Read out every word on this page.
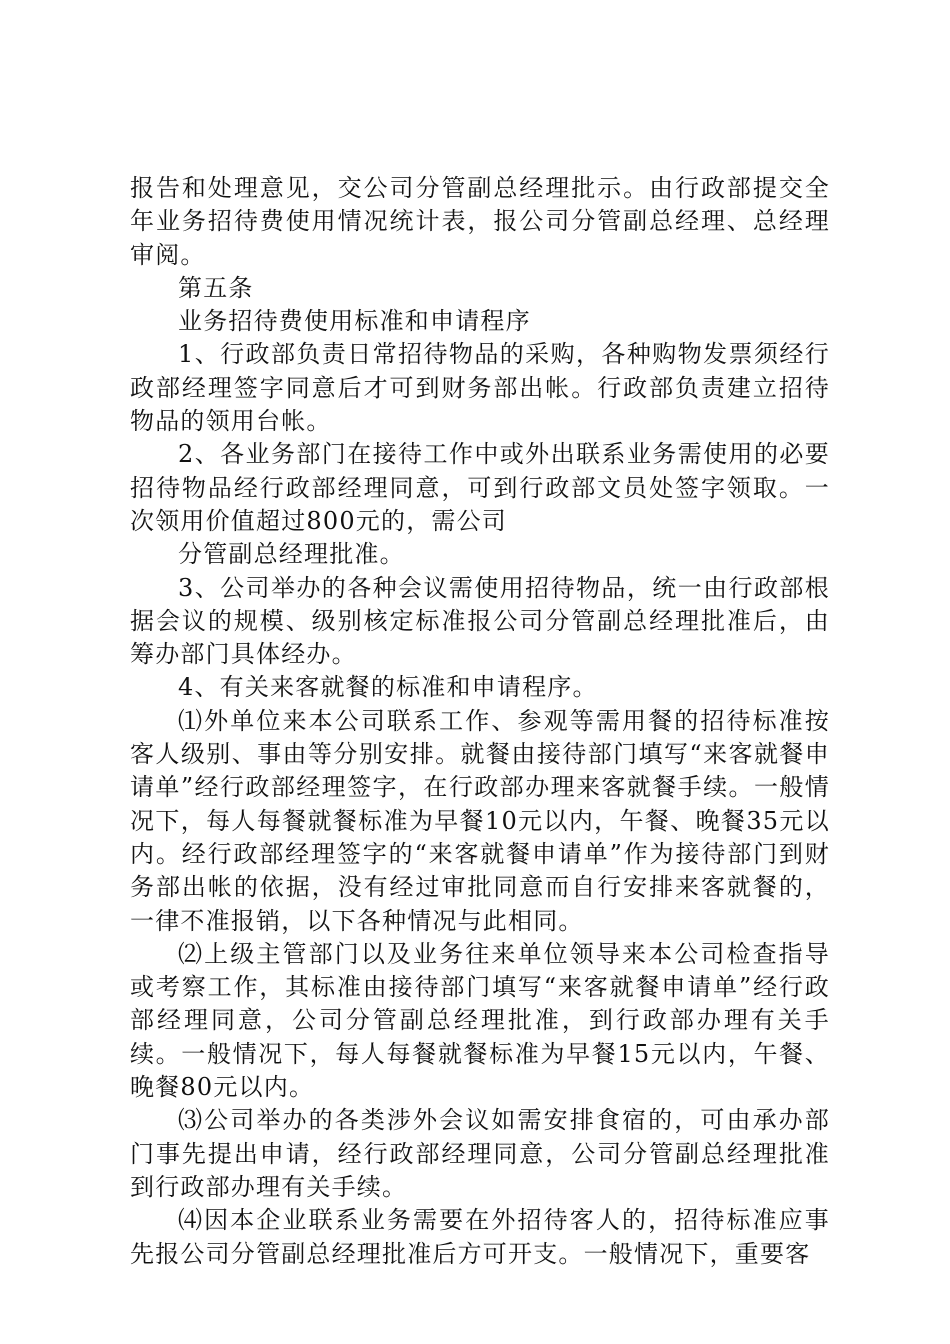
报告和处理意见，交公司分管副总经理批示。由行政部提交全年业务招待费使用情况统计表，报公司分管副总经理、总经理审阅。

第五条

业务招待费使用标准和申请程序

1、行政部负责日常招待物品的采购，各种购物发票须经行政部经理签字同意后才可到财务部出帐。行政部负责建立招待物品的领用台帐。

2、各业务部门在接待工作中或外出联系业务需使用的必要招待物品经行政部经理同意，可到行政部文员处签字领取。一次领用价值超过800元的，需公司

分管副总经理批准。

3、公司举办的各种会议需使用招待物品，统一由行政部根据会议的规模、级别核定标准报公司分管副总经理批准后，由筹办部门具体经办。

4、有关来客就餐的标准和申请程序。

⑴外单位来本公司联系工作、参观等需用餐的招待标准按客人级别、事由等分别安排。就餐由接待部门填写“来客就餐申请单”经行政部经理签字，在行政部办理来客就餐手续。一般情况下，每人每餐就餐标准为早餐10元以内，午餐、晚餐35元以内。经行政部经理签字的“来客就餐申请单”作为接待部门到财务部出帐的依据，没有经过审批同意而自行安排来客就餐的，一律不准报销，以下各种情况与此相同。

⑵上级主管部门以及业务往来单位领导来本公司检查指导或考察工作，其标准由接待部门填写“来客就餐申请单”经行政部经理同意，公司分管副总经理批准，到行政部办理有关手续。一般情况下，每人每餐就餐标准为早餐15元以内，午餐、晚餐80元以内。

⑶公司举办的各类涉外会议如需安排食宿的，可由承办部门事先提出申请，经行政部经理同意，公司分管副总经理批准到行政部办理有关手续。

⑷因本企业联系业务需要在外招待客人的，招待标准应事先报公司分管副总经理批准后方可开支。一般情况下，重要客
